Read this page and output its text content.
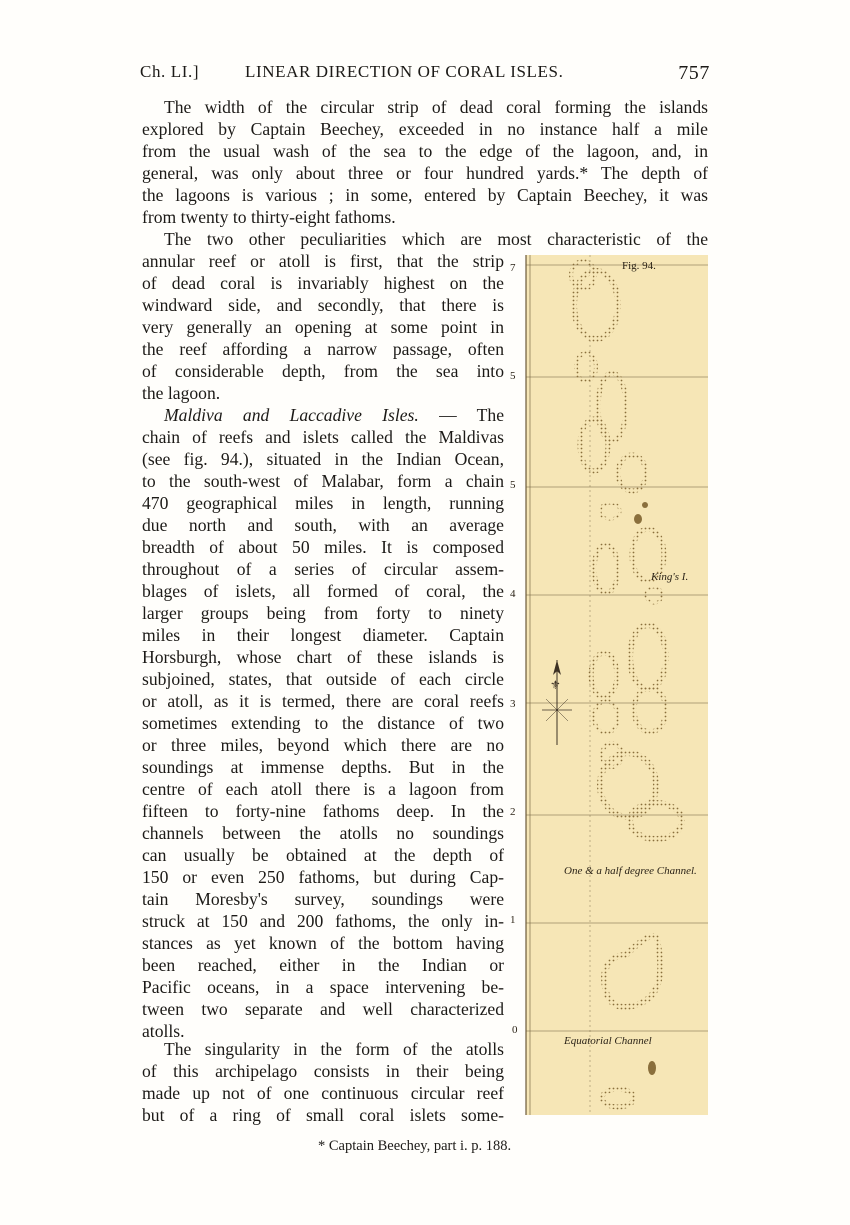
Ch. LI.]	LINEAR DIRECTION OF CORAL ISLES.	757

The width of the circular strip of dead coral forming the islands
explored by Captain Beechey, exceeded in no instance half a mile
from the usual wash of the sea to the edge of the lagoon, and, in
general, was only about three or four hundred yards.* The depth of
the lagoons is various ; in some, entered by Captain Beechey, it was
from twenty to thirty-eight fathoms.

The two other peculiarities which are most characteristic of the

annular reef or atoll is first, that the strip
of dead coral is invariably highest on the
windward side, and secondly, that there is
very generally an opening at some point in
the reef affording a narrow passage, often
of considerable depth, from the sea into
the lagoon.

Maldiva and Laccadive Isles. — The
chain of reefs and islets called the Maldivas
(see fig. 94.), situated in the Indian Ocean,
to the south-west of Malabar, form a chain
470 geographical miles in length, running
due north and south, with an average
breadth of about 50 miles. It is composed
throughout of a series of circular assem-
blages of islets, all formed of coral, the
larger groups being from forty to ninety
miles in their longest diameter. Captain
Horsburgh, whose chart of these islands is
subjoined, states, that outside of each circle
or atoll, as it is termed, there are coral reefs
sometimes extending to the distance of two
or three miles, beyond which there are no
soundings at immense depths. But in the
centre of each atoll there is a lagoon from
fifteen to forty-nine fathoms deep. In the
channels between the atolls no soundings
can usually be obtained at the depth of
150 or even 250 fathoms, but during Cap-
tain Moresby's survey, soundings were
struck at 150 and 200 fathoms, the only in-
stances as yet known of the bottom having
been reached, either in the Indian or
Pacific oceans, in a space intervening be-
tween two separate and well characterized
atolls.

The singularity in the form of the atolls
of this archipelago consists in their being
made up not of one continuous circular reef
but of a ring of small coral islets some-

* Captain Beechey, part i. p. 188.
⚜
7
5
5
4
3
2
1
0
Fig. 94.
King's I.
One & a half degree Channel.
Equatorial Channel
